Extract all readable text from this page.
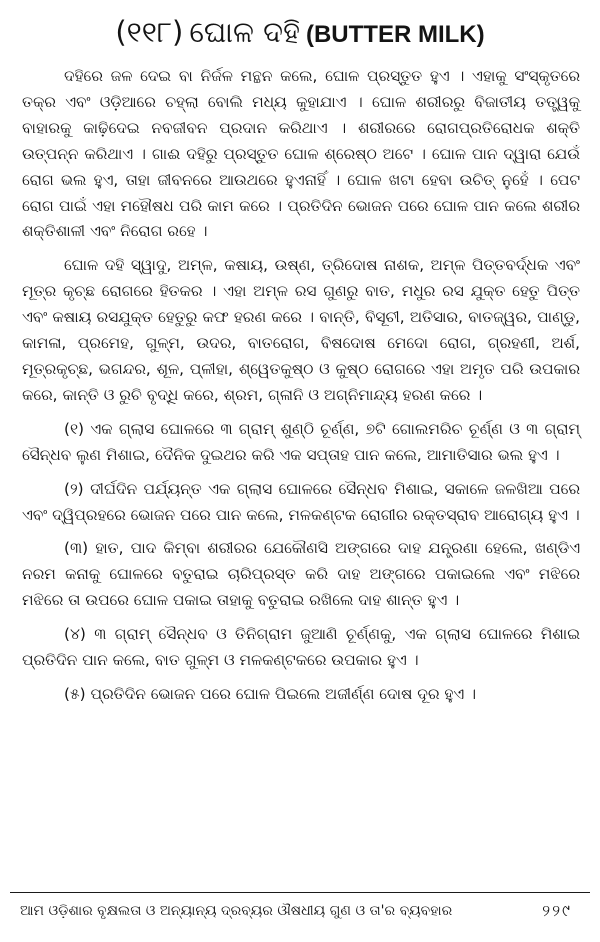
(୧୧୮) ଘୋଳ ଦହି (BUTTER MILK)

ଦହିରେ ଜଳ ଦେଇ ବା ନିର୍ଜଳ ମନ୍ଥନ କଲେ, ଘୋଳ ପ୍ରସ୍ତୁତ ହୁଏ । ଏହାକୁ ସଂସ୍କୃତରେ ତକ୍ର ଏବଂ ଓଡ଼ିଆରେ ଚହ୍ଲା ବୋଲି ମଧ୍ୟ କୁହାଯାଏ । ଘୋଳ ଶରୀରରୁ ବିଜାତୀୟ ତତ୍ତ୍ୱକୁ ବାହାରକୁ କାଢ଼ିଦେଇ ନବଜୀବନ ପ୍ରଦାନ କରିଥାଏ । ଶରୀରରେ ରୋଗପ୍ରତିରୋଧକ ଶକ୍ତି ଉତ୍ପନ୍ନ କରିଥାଏ । ଗାଈ ଦହିରୁ ପ୍ରସ୍ତୁତ ଘୋଳ ଶ୍ରେଷ୍ଠ ଅଟେ । ଘୋଳ ପାନ ଦ୍ୱାରା ଯେଉଁ ରୋଗ ଭଲ ହୁଏ, ତାହା ଜୀବନରେ ଆଉଥରେ ହୁଏନାହିଁ । ଘୋଳ ଖଟା ହେବା ଉଚିତ୍ ନୁହେଁ । ପେଟ ରୋଗ ପାଇଁ ଏହା ମହୌଷଧ ପରି କାମ କରେ । ପ୍ରତିଦିନ ଭୋଜନ ପରେ ଘୋଳ ପାନ କଲେ ଶରୀର ଶକ୍ତିଶାଳୀ ଏବଂ ନିରୋଗ ରହେ ।

ଘୋଳ ଦହି ସ୍ୱାଦୁ, ଅମ୍ଳ, କଷାୟ, ଉଷ୍ଣ, ତ୍ରିଦୋଷ ନାଶକ, ଅମ୍ଳ ପିତ୍ତବର୍ଦ୍ଧକ ଏବଂ ମୂତ୍ର କୃଚ୍ଛ ରୋଗରେ ହିତକର । ଏହା ଅମ୍ଳ ରସ ଗୁଣରୁ ବାତ, ମଧୁର ରସ ଯୁକ୍ତ ହେତୁ ପିତ୍ତ ଏବଂ କଷାୟ ରସଯୁକ୍ତ ହେତୁରୁ କଫ ହରଣ କରେ । ବାନ୍ତି, ବିସୂଚୀ, ଅତିସାର, ବାତଜ୍ୱର, ପାଣ୍ଡୁ, କାମଳା, ପ୍ରମେହ, ଗୁଳ୍ମ, ଉଦର, ବାତରୋଗ, ବିଷଦୋଷ ମେଦୋ ରୋଗ, ଗ୍ରହଣୀ, ଅର୍ଶ, ମୂତ୍ରକୃଚ୍ଛ, ଭଗନ୍ଦର, ଶୂଳ, ପ୍ଳୀହା, ଶ୍ୱେତକୁଷ୍ଠ ଓ କୁଷ୍ଠ ରୋଗରେ ଏହା ଅମୃତ ପରି ଉପକାର କରେ, କାନ୍ତି ଓ ରୁଚି ବୃଦ୍ଧି କରେ, ଶ୍ରମ, ଗ୍ଳାନି ଓ ଅଗ୍ନିମାନ୍ଦ୍ୟ ହରଣ କରେ ।

(୧) ଏକ ଗ୍ଲାସ ଘୋଳରେ ୩ ଗ୍ରାମ୍ ଶୁଣ୍ଠି ଚୂର୍ଣ୍ଣ, ୭ଟି ଗୋଲମରିଚ ଚୂର୍ଣ୍ଣ ଓ ୩ ଗ୍ରାମ୍ ସୈନ୍ଧବ ଲୁଣ ମିଶାଇ, ଦୈନିକ ଦୁଇଥର କରି ଏକ ସପ୍ତାହ ପାନ କଲେ, ଆମାତିସାର ଭଲ ହୁଏ ।

(୨) ଦୀର୍ଘଦିନ ପର୍ଯ୍ୟନ୍ତ ଏକ ଗ୍ଲାସ ଘୋଳରେ ସୈନ୍ଧବ ମିଶାଇ, ସକାଳେ ଜଳଖିଆ ପରେ ଏବଂ ଦ୍ୱିପ୍ରହରେ ଭୋଜନ ପରେ ପାନ କଲେ, ମଳକଣ୍ଟକ ରୋଗୀର ରକ୍ତସ୍ରାବ ଆରୋଗ୍ୟ ହୁଏ ।

(୩) ହାତ, ପାଦ କିମ୍ବା ଶରୀରର ଯେକୌଣସି ଅଙ୍ଗରେ ଦାହ ଯନ୍ତ୍ରଣା ହେଲେ, ଖଣ୍ଡିଏ ନରମ କନାକୁ ଘୋଳରେ ବତୁରାଇ ଚାରିପ୍ରସ୍ତ କରି ଦାହ ଅଙ୍ଗରେ ପକାଇଲେ ଏବଂ ମଝିରେ ମଝିରେ ତା ଉପରେ ଘୋଳ ପକାଇ ତାହାକୁ ବତୁରାଇ ରଖିଲେ ଦାହ ଶାନ୍ତ ହୁଏ ।

(୪) ୩ ଗ୍ରାମ୍ ସୈନ୍ଧବ ଓ ତିନିଗ୍ରାମ ଜୁଆଣି ଚୂର୍ଣ୍ଣକୁ, ଏକ ଗ୍ଲାସ ଘୋଳରେ ମିଶାଇ ପ୍ରତିଦିନ ପାନ କଲେ, ବାତ ଗୁଳ୍ମ ଓ ମଳକଣ୍ଟକରେ ଉପକାର ହୁଏ ।

(୫) ପ୍ରତିଦିନ ଭୋଜନ ପରେ ଘୋଳ ପିଇଲେ ଅଜୀର୍ଣ୍ଣ ଦୋଷ ଦୂର ହୁଏ ।

ଆମ ଓଡ଼ିଶାର ବୃକ୍ଷଲତା ଓ ଅନ୍ୟାନ୍ୟ ଦ୍ରବ୍ୟର ଔଷଧୀୟ ଗୁଣ ଓ ତା'ର ବ୍ୟବହାର	୨୨୯
